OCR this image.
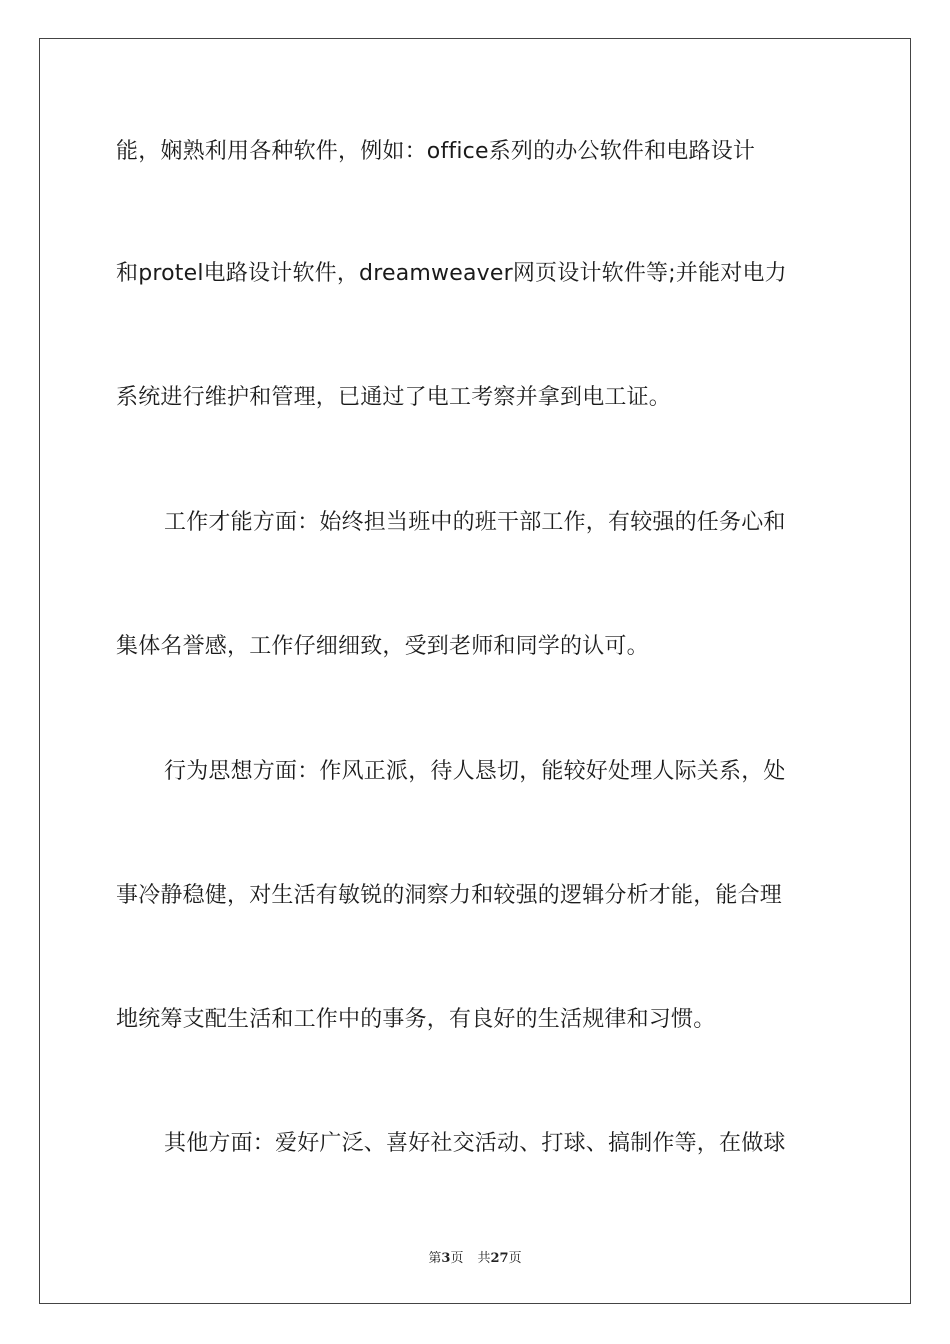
能，娴熟利用各种软件，例如：office系列的办公软件和电路设计
和protel电路设计软件，dreamweaver网页设计软件等;并能对电力
系统进行维护和管理，已通过了电工考察并拿到电工证。
工作才能方面：始终担当班中的班干部工作，有较强的任务心和
集体名誉感，工作仔细细致，受到老师和同学的认可。
行为思想方面：作风正派，待人恳切，能较好处理人际关系，处
事冷静稳健，对生活有敏锐的洞察力和较强的逻辑分析才能，能合理
地统筹支配生活和工作中的事务，有良好的生活规律和习惯。
其他方面：爱好广泛、喜好社交活动、打球、搞制作等，在做球
第3页 共27页
